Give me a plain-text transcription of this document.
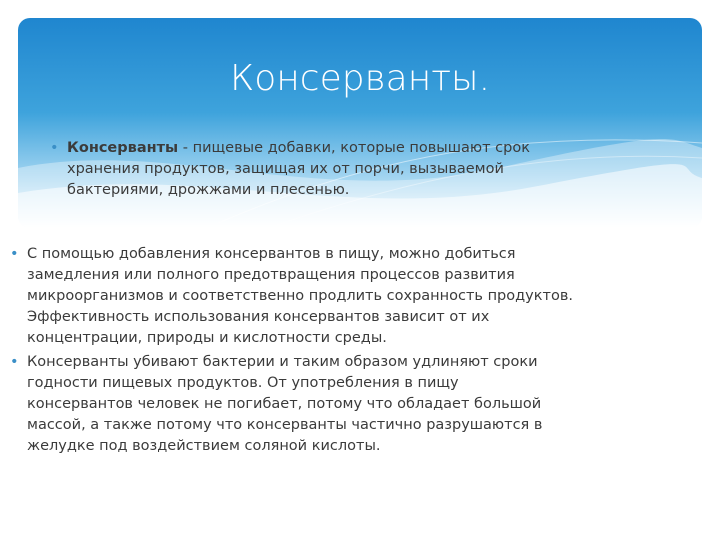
Консерванты.
• Консерванты - пищевые добавки, которые повышают срок хранения продуктов, защищая их от порчи, вызываемой бактериями, дрожжами и плесенью.
• С помощью добавления консервантов в пищу, можно добиться замедления или полного предотвращения процессов развития микроорганизмов и соответственно продлить сохранность продуктов. Эффективность использования консервантов зависит от их концентрации, природы и кислотности среды.
• Консерванты убивают бактерии и таким образом удлиняют сроки годности пищевых продуктов. От употребления в пищу консервантов человек не погибает, потому что обладает большой массой, а также потому что консерванты частично разрушаются в желудке под воздействием соляной кислоты.
